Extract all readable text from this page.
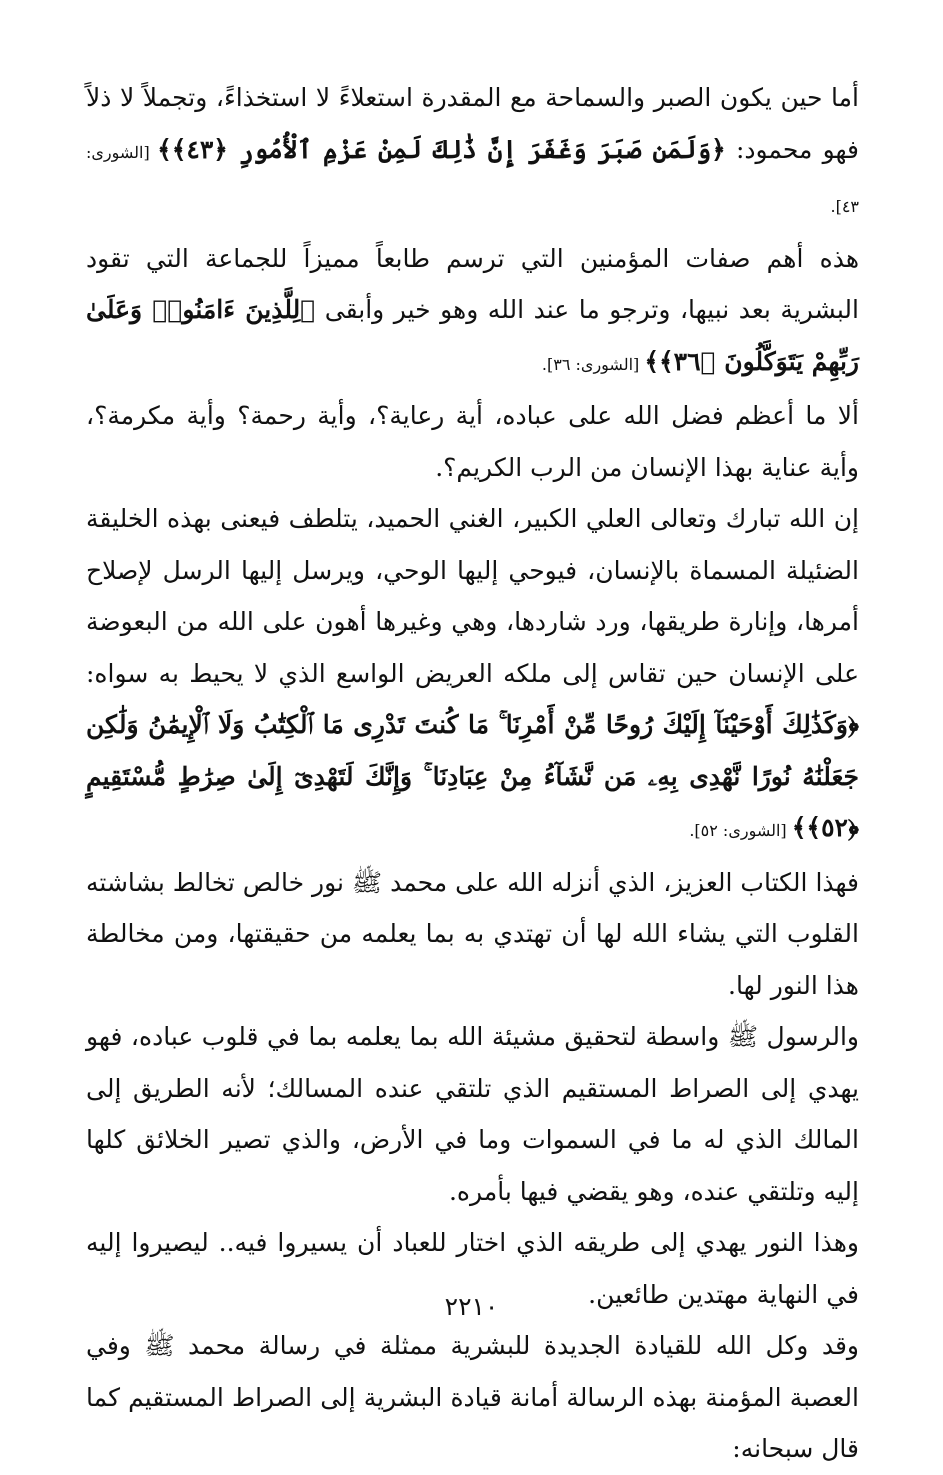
أما حين يكون الصبر والسماحة مع المقدرة استعلاءً لا استخذاءً، وتجملاً لا ذلاً فهو محمود: ﴿وَلَمَن صَبَرَ وَغَفَرَ إِنَّ ذَٰلِكَ لَمِنْ عَزْمِ ٱلْأُمُورِ ﴿٤٣﴾﴾ [الشورى: ٤٣].

هذه أهم صفات المؤمنين التي ترسم طابعاً مميزاً للجماعة التي تقود البشرية بعد نبيها، وترجو ما عند الله وهو خير وأبقى ﴿لِلَّذِينَ ءَامَنُوا۟ وَعَلَىٰ رَبِّهِمْ يَتَوَكَّلُونَ ﴿٣٦﴾﴾ [الشورى: ٣٦].

ألا ما أعظم فضل الله على عباده، أية رعاية؟، وأية رحمة؟ وأية مكرمة؟، وأية عناية بهذا الإنسان من الرب الكريم؟.

إن الله تبارك وتعالى العلي الكبير، الغني الحميد، يتلطف فيعنى بهذه الخليقة الضئيلة المسماة بالإنسان، فيوحي إليها الوحي، ويرسل إليها الرسل لإصلاح أمرها، وإنارة طريقها، ورد شاردها، وهي وغيرها أهون على الله من البعوضة على الإنسان حين تقاس إلى ملكه العريض الواسع الذي لا يحيط به سواه: ﴿وَكَذَٰلِكَ أَوْحَيْنَآ إِلَيْكَ رُوحًا مِّنْ أَمْرِنَا ۚ مَا كُنتَ تَدْرِى مَا ٱلْكِتَٰبُ وَلَا ٱلْإِيمَٰنُ وَلَٰكِن جَعَلْنَٰهُ نُورًا نَّهْدِى بِهِۦ مَن نَّشَآءُ مِنْ عِبَادِنَا ۚ وَإِنَّكَ لَتَهْدِىٓ إِلَىٰ صِرَٰطٍ مُّسْتَقِيمٍ ﴿٥٢﴾﴾ [الشورى: ٥٢].

فهذا الكتاب العزيز، الذي أنزله الله على محمد ﷺ نور خالص تخالط بشاشته القلوب التي يشاء الله لها أن تهتدي به بما يعلمه من حقيقتها، ومن مخالطة هذا النور لها.

والرسول ﷺ واسطة لتحقيق مشيئة الله بما يعلمه بما في قلوب عباده، فهو يهدي إلى الصراط المستقيم الذي تلتقي عنده المسالك؛ لأنه الطريق إلى المالك الذي له ما في السموات وما في الأرض، والذي تصير الخلائق كلها إليه وتلتقي عنده، وهو يقضي فيها بأمره.

وهذا النور يهدي إلى طريقه الذي اختار للعباد أن يسيروا فيه.. ليصيروا إليه في النهاية مهتدين طائعين.

وقد وكل الله للقيادة الجديدة للبشرية ممثلة في رسالة محمد ﷺ وفي العصبة المؤمنة بهذه الرسالة أمانة قيادة البشرية إلى الصراط المستقيم كما قال سبحانه:

٢٢١٠
